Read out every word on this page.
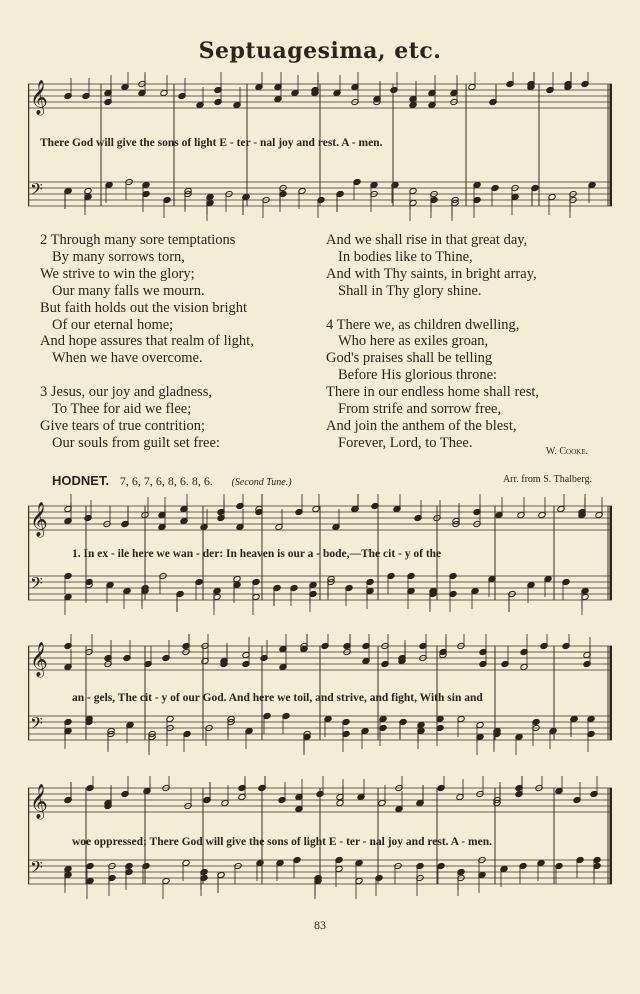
Septuagesima, etc.
𝄞
𝄢
There God will give the sons of light E - ter - nal joy and rest. A - men.
2 Through many sore temptations
By many sorrows torn,
We strive to win the glory;
Our many falls we mourn.
But faith holds out the vision bright
Of our eternal home;
And hope assures that realm of light,
When we have overcome.

3 Jesus, our joy and gladness,
To Thee for aid we flee;
Give tears of true contrition;
Our souls from guilt set free:
And we shall rise in that great day,
In bodies like to Thine,
And with Thy saints, in bright array,
Shall in Thy glory shine.

4 There we, as children dwelling,
Who here as exiles groan,
God's praises shall be telling
Before His glorious throne:
There in our endless home shall rest,
From strife and sorrow free,
And join the anthem of the blest,
Forever, Lord, to Thee.
W. Cooke.
HODNET. 7, 6, 7, 6, 8, 6. 8, 6. (Second Tune.)	Arr. from S. Thalberg.
𝄞
𝄢
1. In ex - ile here we wan - der: In heaven is our a - bode,—The cit - y of the
𝄞
𝄢
an - gels, The cit - y of our God. And here we toil, and strive, and fight, With sin and
𝄞
𝄢
woe oppressed; There God will give the sons of light E - ter - nal joy and rest. A - men.
83
